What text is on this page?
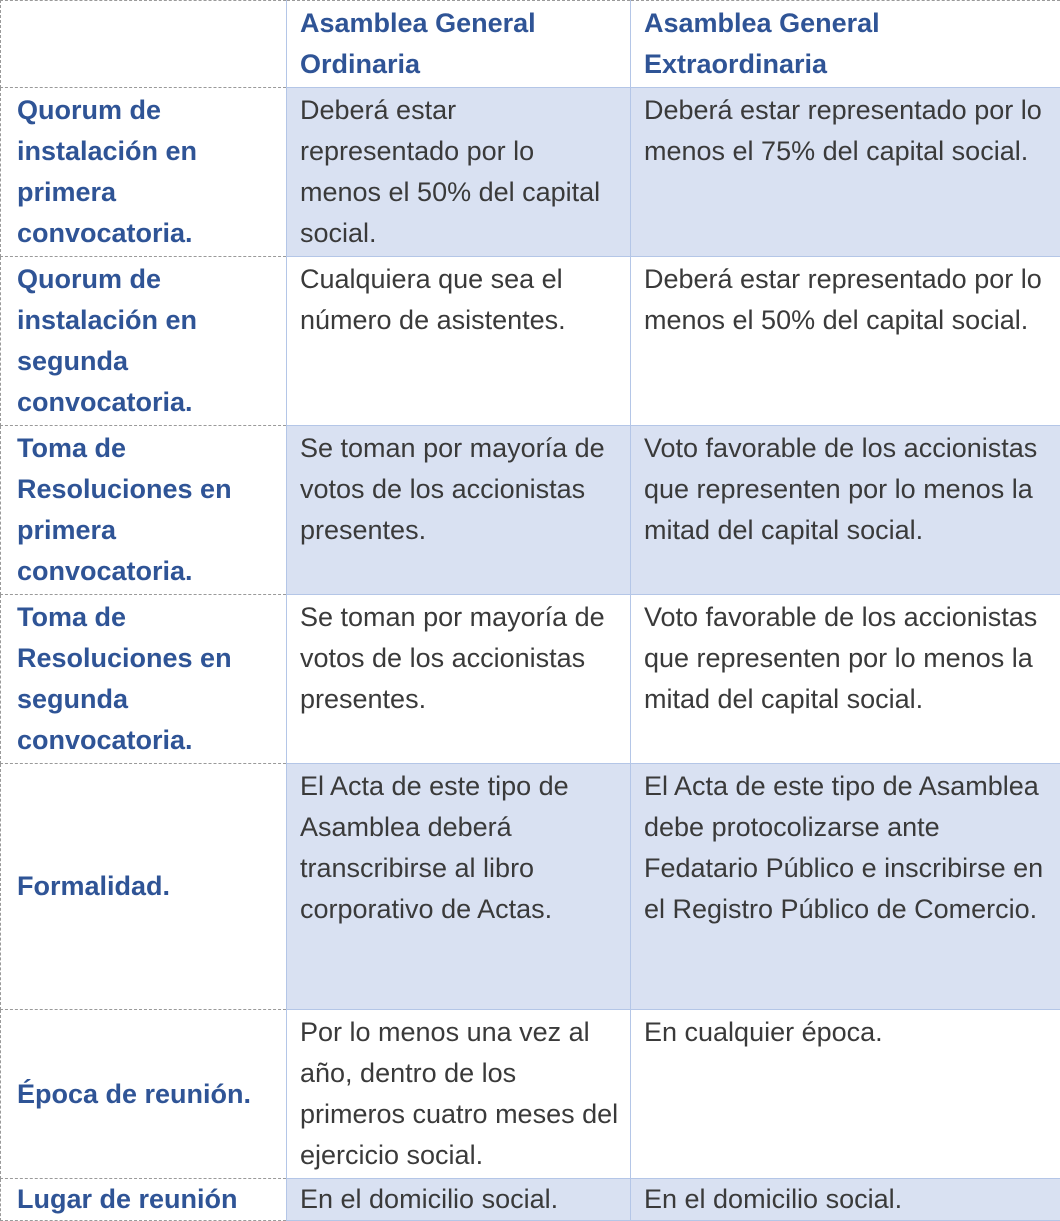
	Asamblea General Ordinaria	Asamblea General Extraordinaria
Quorum de instalación en primera convocatoria.	Deberá estar representado por lo menos el 50% del capital social.	Deberá estar representado por lo menos el 75% del capital social.
Quorum de instalación en segunda convocatoria.	Cualquiera que sea el número de asistentes.	Deberá estar representado por lo menos el 50% del capital social.
Toma de Resoluciones en primera convocatoria.	Se toman por mayoría de votos de los accionistas presentes.	Voto favorable de los accionistas que representen por lo menos la mitad del capital social.
Toma de Resoluciones en segunda convocatoria.	Se toman por mayoría de votos de los accionistas presentes.	Voto favorable de los accionistas que representen por lo menos la mitad del capital social.
Formalidad.	El Acta de este tipo de Asamblea deberá transcribirse al libro corporativo de Actas.	El Acta de este tipo de Asamblea debe protocolizarse ante Fedatario Público e inscribirse en el Registro Público de Comercio.
Época de reunión.	Por lo menos una vez al año, dentro de los primeros cuatro meses del ejercicio social.	En cualquier época.
Lugar de reunión	En el domicilio social.	En el domicilio social.
